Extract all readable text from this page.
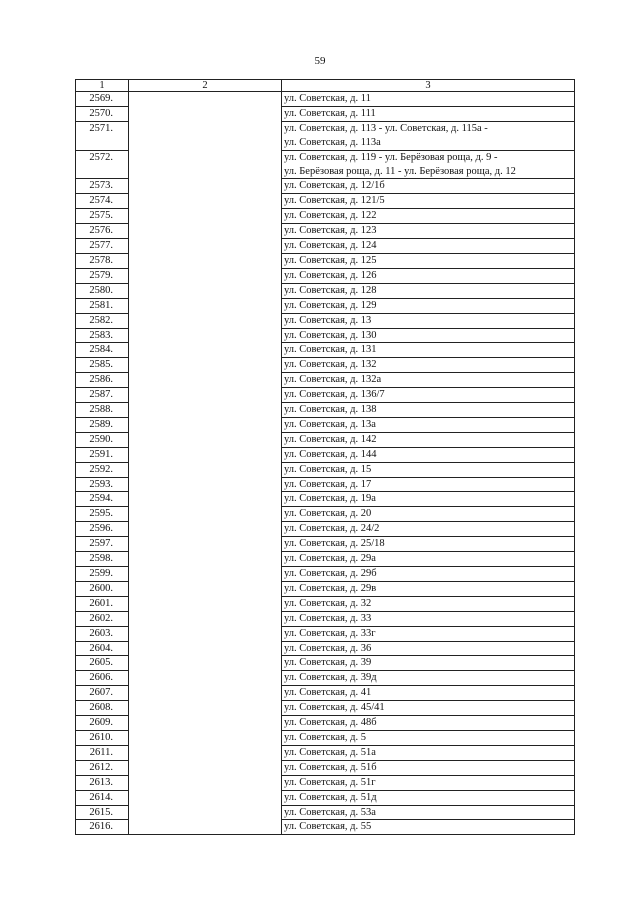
59
1	2	3
2569.		ул. Советская, д. 11

2570.		ул. Советская, д. 111

2571.		ул. Советская, д. 113 - ул. Советская, д. 115а -
ул. Советская, д. 113а

2572.		ул. Советская, д. 119 - ул. Берёзовая роща, д. 9 -
ул. Берёзовая роща, д. 11 - ул. Берёзовая роща, д. 12

2573.		ул. Советская, д. 12/1б

2574.		ул. Советская, д. 121/5

2575.		ул. Советская, д. 122

2576.		ул. Советская, д. 123

2577.		ул. Советская, д. 124

2578.		ул. Советская, д. 125

2579.		ул. Советская, д. 126

2580.		ул. Советская, д. 128

2581.		ул. Советская, д. 129

2582.		ул. Советская, д. 13

2583.		ул. Советская, д. 130

2584.		ул. Советская, д. 131

2585.		ул. Советская, д. 132

2586.		ул. Советская, д. 132а

2587.		ул. Советская, д. 136/7

2588.		ул. Советская, д. 138

2589.		ул. Советская, д. 13а

2590.		ул. Советская, д. 142

2591.		ул. Советская, д. 144

2592.		ул. Советская, д. 15

2593.		ул. Советская, д. 17

2594.		ул. Советская, д. 19а

2595.		ул. Советская, д. 20

2596.		ул. Советская, д. 24/2

2597.		ул. Советская, д. 25/18

2598.		ул. Советская, д. 29а

2599.		ул. Советская, д. 29б

2600.		ул. Советская, д. 29в

2601.		ул. Советская, д. 32

2602.		ул. Советская, д. 33

2603.		ул. Советская, д. 33г

2604.		ул. Советская, д. 36

2605.		ул. Советская, д. 39

2606.		ул. Советская, д. 39д

2607.		ул. Советская, д. 41

2608.		ул. Советская, д. 45/41

2609.		ул. Советская, д. 48б

2610.		ул. Советская, д. 5

2611.		ул. Советская, д. 51а

2612.		ул. Советская, д. 51б

2613.		ул. Советская, д. 51г

2614.		ул. Советская, д. 51д

2615.		ул. Советская, д. 53а

2616.		ул. Советская, д. 55
